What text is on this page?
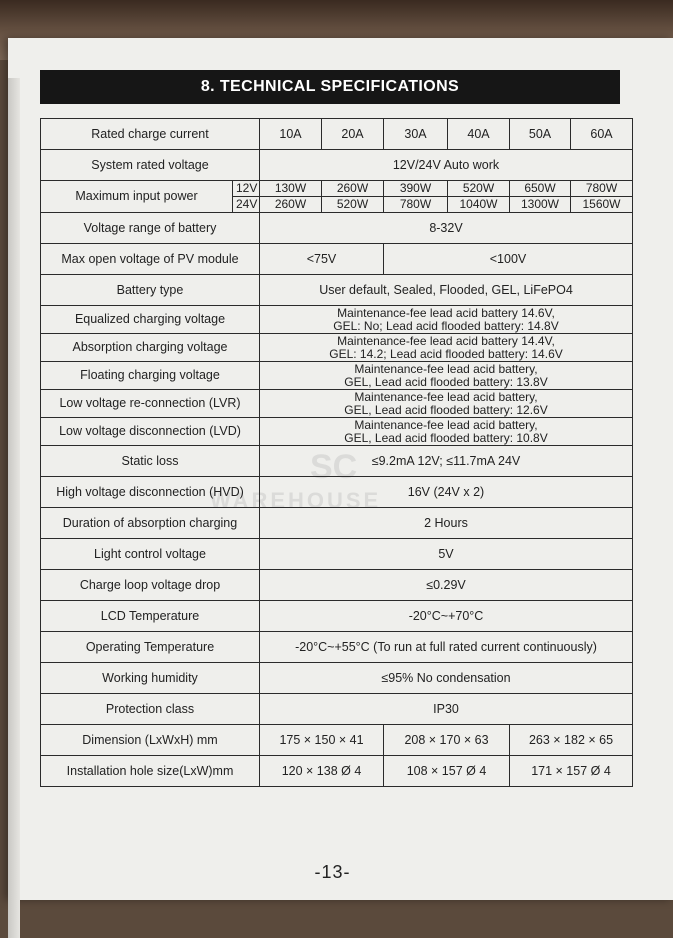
8. TECHNICAL SPECIFICATIONS
SC
WAREHOUSE
Rated charge current		10A	20A	30A	40A	50A	60A
System rated voltage		12V/24V Auto work					
Maximum input power	12V	130W	260W	390W	520W	650W	780W
	24V	260W	520W	780W	1040W	1300W	1560W
Voltage range of battery		8-32V					
Max open voltage of PV module		<75V		<100V			
Battery type		User default, Sealed, Flooded, GEL, LiFePO4					
Equalized charging voltage		Maintenance-fee lead acid battery 14.6V,
GEL: No; Lead acid flooded battery: 14.8V					
Absorption charging voltage		Maintenance-fee lead acid battery 14.4V,
GEL: 14.2; Lead acid flooded battery: 14.6V					
Floating charging voltage		Maintenance-fee lead acid battery,
GEL, Lead acid flooded battery: 13.8V					
Low voltage re-connection (LVR)		Maintenance-fee lead acid battery,
GEL, Lead acid flooded battery: 12.6V					
Low voltage disconnection (LVD)		Maintenance-fee lead acid battery,
GEL, Lead acid flooded battery: 10.8V					
Static loss		≤9.2mA 12V; ≤11.7mA 24V					
High voltage disconnection (HVD)		16V (24V x 2)					
Duration of absorption charging		2 Hours					
Light control voltage		5V					
Charge loop voltage drop		≤0.29V					
LCD Temperature		-20°C~+70°C					
Operating Temperature		-20°C~+55°C (To run at full rated current continuously)					
Working humidity		≤95% No condensation					
Protection class		IP30					
Dimension (LxWxH) mm		175 × 150 × 41		208 × 170 × 63		263 × 182 × 65	
Installation hole size(LxW)mm		120 × 138 Ø 4		108 × 157 Ø 4		171 × 157 Ø 4	
-13-
